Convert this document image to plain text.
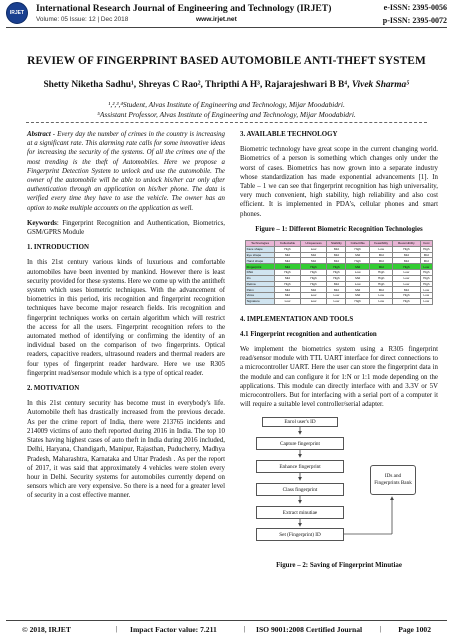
IRJET International Research Journal of Engineering and Technology (IRJET)	e-ISSN: 2395-0056
Volume: 05 Issue: 12 | Dec 2018	www.irjet.net	p-ISSN: 2395-0072
REVIEW OF FINGERPRINT BASED AUTOMOBILE ANTI-THEFT SYSTEM
Shetty Niketha Sadhu¹, Shreyas C Rao², Thripthi A H³, Rajarajeshwari B B⁴, Vivek Sharma⁵
¹,²,³,⁴Student, Alvas Institute of Engineering and Technology, Mijar Moodabidri.
⁵Assistant Professor, Alvas Institute of Engineering and Technology, Mijar Moodabidri.

Abstract - Every day the number of crimes in the country is increasing at a significant rate. This alarming rate calls for some innovative ideas for increasing the security of the systems. Of all the crimes one of the most trending is the theft of Automobiles. Here we propose a Fingerprint Detection System to unlock and use the automobile. The owner of the automobile will be able to unlock his/her car only after authentication through an application on his/her phone. The data is verified every time they have to use the vehicle. The owner has an option to make multiple accounts on the application as well.

Keywords: Fingerprint Recognition and Authentication, Biometrics, GSM/GPRS Module

1. INTRODUCTION

In this 21st century various kinds of luxurious and comfortable automobiles have been invented by mankind. However there is least security provided for these systems. Here we come up with the antitheft system which uses biometric techniques. With the advancement of biometrics in this period, iris recognition and fingerprint recognition techniques have become major research fields. Iris recognition and fingerprint techniques works on certain algorithm which will restrict the access for all the users. Fingerprint recognition refers to the automated method of identifying or confirming the identity of an individual based on the comparison of two fingerprints. Optical readers, capacitive readers, ultrasound readers and thermal readers are four types of fingerprint reader hardware. Here we use R305 fingerprint read/sensor module which is a type of optical reader.

2. MOTIVATION

In this 21st century security has become must in everybody's life. Automobile theft has drastically increased from the previous decade. As per the crime report of India, there were 213765 incidents and 214009 victims of auto theft reported during 2016 in India. The top 10 States having highest cases of auto theft in India during 2016 included, Delhi, Haryana, Chandigarh, Manipur, Rajasthan, Puducherry, Madhya Pradesh, Maharashtra, Karnataka and Uttar Pradesh . As per the report of 2017, it was said that approximately 4 vehicles were stolen every hour in Delhi. Security systems for automobiles currently depend on sensors which are very expensive. So there is a need for a greater level of security in a cost effective manner.

3. AVAILABLE TECHNOLOGY

Biometric technology have great scope in the current changing world. Biometrics of a person is something which changes only under the worst of cases. Biometrics has now grown into a separate industry whose standardization has made exponential advancements [1]. In Table – 1 we can see that fingerprint recognition has high universality, very much convenient, high stability, high reliability and also cost efficient. It is implemented in PDA's, cellular phones and smart phones.

Figure – 1: Different Biometric Recognition Technologies
Technologies	Collectable	Uniqueness	Stability	Collectible	Feasibility	Reversibility	Cost
Face shape	High	Low	Mid	High	Low	High	High
Eye shape	Mid	Mid	Mid	Mid	Mid	Mid	Mid
Hand shape	Mid	Mid	Mid	High	Mid	Mid	Mid
Fingerprint	Mid	High	High	Mid	Mid	High	Low
DNA	High	High	High	Low	High	Low	High
Iris	Mid	High	High	Mid	High	Low	High
Retina	High	High	Mid	Low	High	Low	High
Palm	Mid	Mid	Mid	Mid	Mid	Mid	Low
Voice	Mid	Low	Low	Mid	Low	High	Low
Signature	Low	Low	Low	High	Low	High	Low
4. IMPLEMENTATION AND TOOLS
4.1 Fingerprint recognition and authentication

We implement the biometrics system using a R305 fingerprint read/sensor module with TTL UART interface for direct connections to a microcontroller UART. Here the user can store the fingerprint data in the module and can configure it for 1:N or 1:1 mode depending on the applications. This module can directly interface with and 3.3V or 5V microcontrollers. But for interfacing with a serial port of a computer it will require a suitable level controller/serial adapter.

Enrol user's ID
Capture fingerprint
Enhance fingerprint
Class fingerprint
Extract minutiae
Set (Fingerprint) ID
IDs and Fingerprints Bank
Figure – 2: Saving of Fingerprint Minutiae
© 2018, IRJET	| Impact Factor value: 7.211	| ISO 9001:2008 Certified Journal | Page 1002
